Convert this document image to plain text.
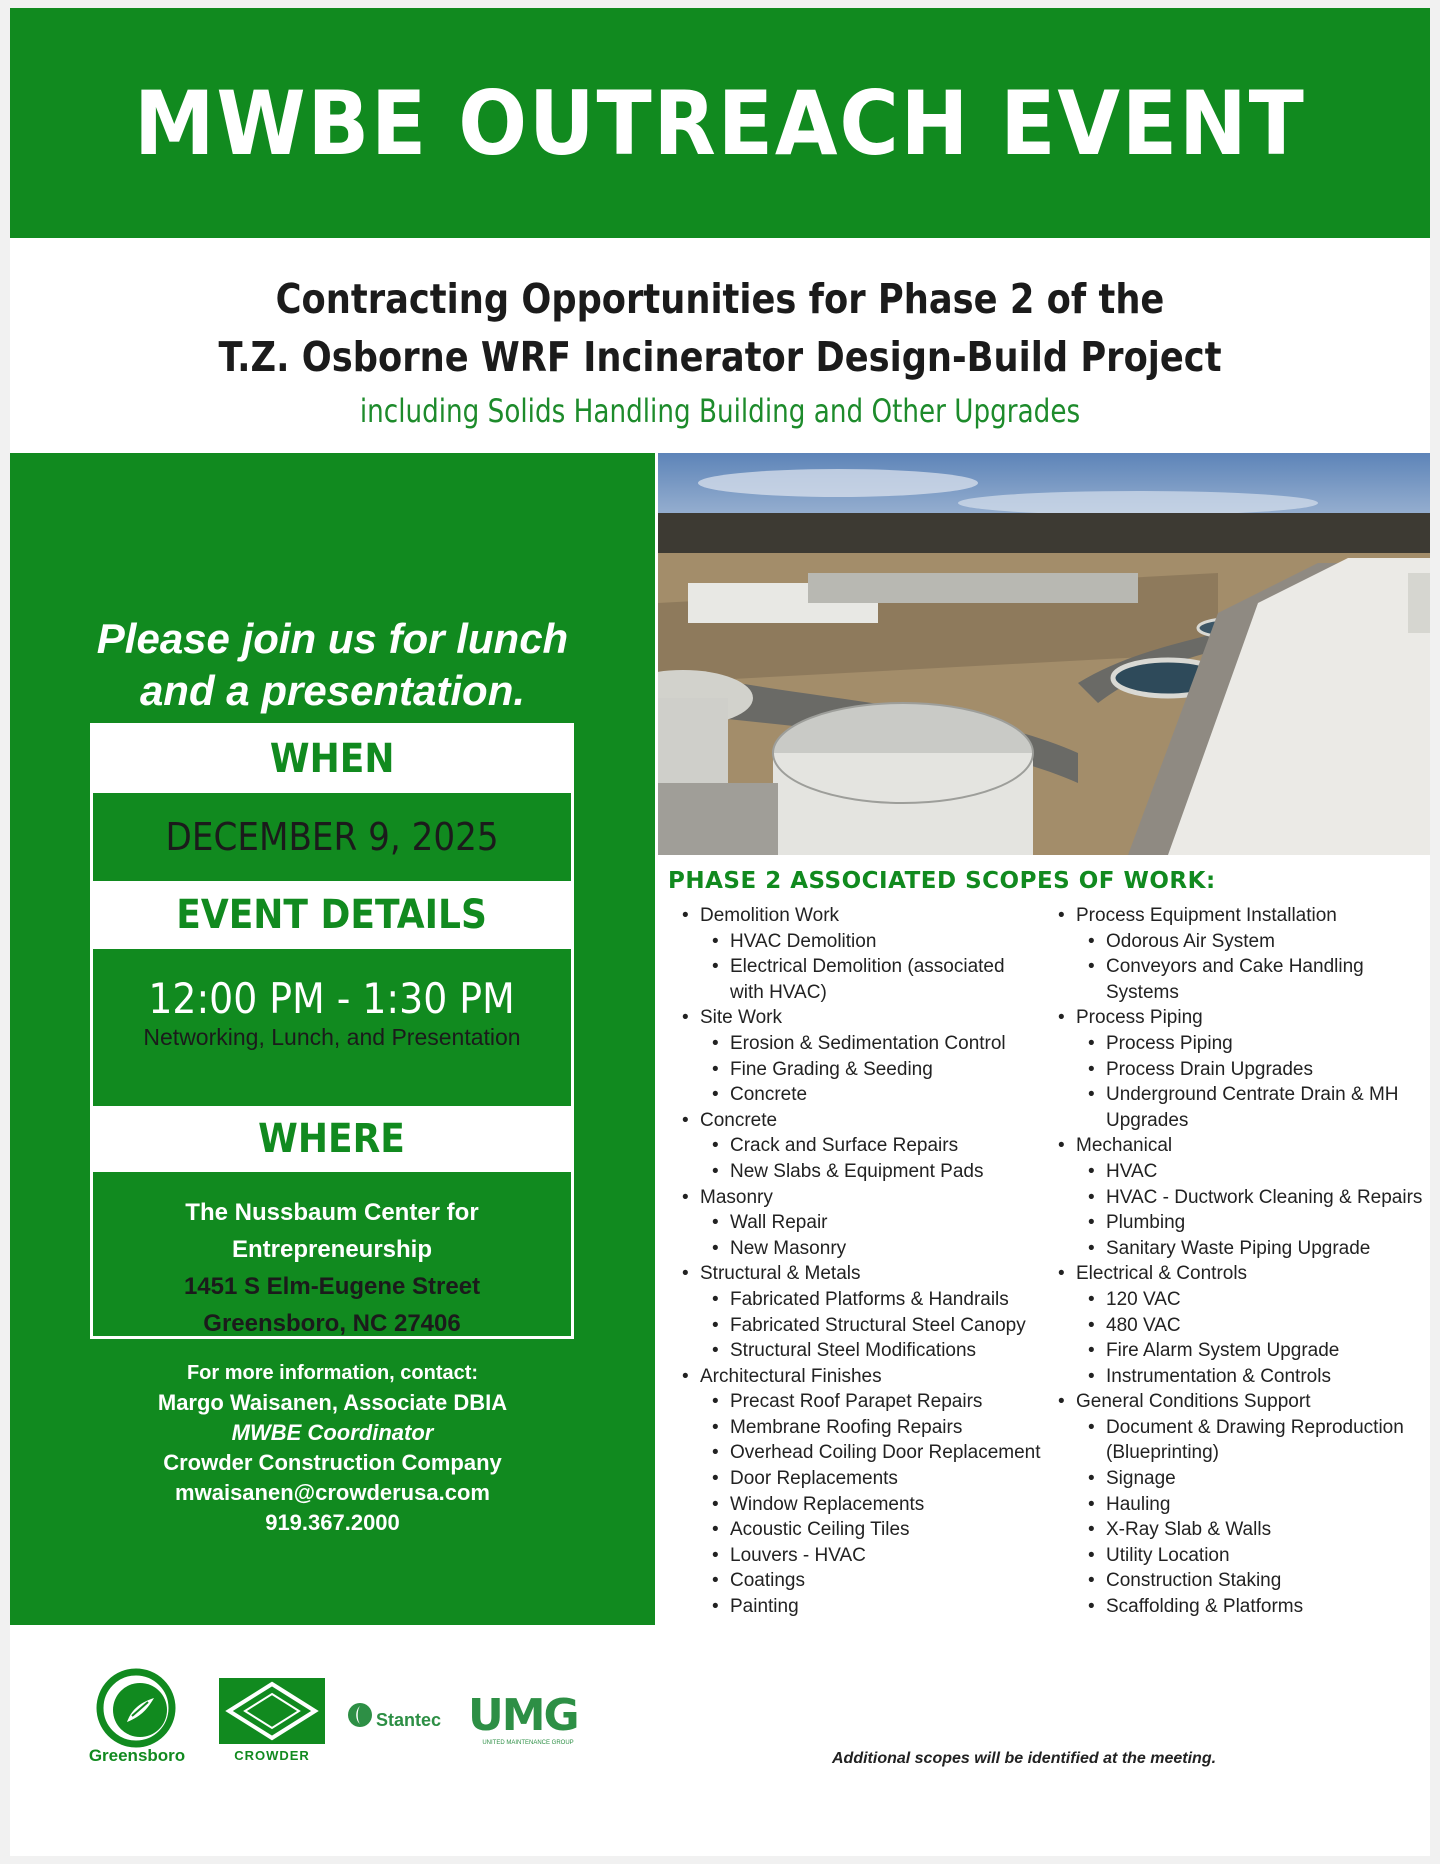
MWBE OUTREACH EVENT
Contracting Opportunities for Phase 2 of the
T.Z. Osborne WRF Incinerator Design-Build Project
including Solids Handling Building and Other Upgrades
Please join us for lunch
and a presentation.
WHEN
DECEMBER 9, 2025
EVENT DETAILS
12:00 PM - 1:30 PM
Networking, Lunch, and Presentation
WHERE
The Nussbaum Center for
Entrepreneurship
1451 S Elm-Eugene Street
Greensboro, NC 27406
For more information, contact:
Margo Waisanen, Associate DBIA
MWBE Coordinator
Crowder Construction Company
mwaisanen@crowderusa.com
919.367.2000
PHASE 2 ASSOCIATED SCOPES OF WORK:
• Demolition Work
• HVAC Demolition
• Electrical Demolition (associated with HVAC)
• Site Work
• Erosion & Sedimentation Control
• Fine Grading & Seeding
• Concrete
• Concrete
• Crack and Surface Repairs
• New Slabs & Equipment Pads
• Masonry
• Wall Repair
• New Masonry
• Structural & Metals
• Fabricated Platforms & Handrails
• Fabricated Structural Steel Canopy
• Structural Steel Modifications
• Architectural Finishes
• Precast Roof Parapet Repairs
• Membrane Roofing Repairs
• Overhead Coiling Door Replacement
• Door Replacements
• Window Replacements
• Acoustic Ceiling Tiles
• Louvers - HVAC
• Coatings
• Painting
• Process Equipment Installation
• Odorous Air System
• Conveyors and Cake Handling Systems
• Process Piping
• Process Piping
• Process Drain Upgrades
• Underground Centrate Drain & MH Upgrades
• Mechanical
• HVAC
• HVAC - Ductwork Cleaning & Repairs
• Plumbing
• Sanitary Waste Piping Upgrade
• Electrical & Controls
• 120 VAC
• 480 VAC
• Fire Alarm System Upgrade
• Instrumentation & Controls
• General Conditions Support
• Document & Drawing Reproduction (Blueprinting)
• Signage
• Hauling
• X-Ray Slab & Walls
• Utility Location
• Construction Staking
• Scaffolding & Platforms
Greensboro	CROWDER
Stantec UMG
UNITED MAINTENANCE GROUP
Additional scopes will be identified at the meeting.
